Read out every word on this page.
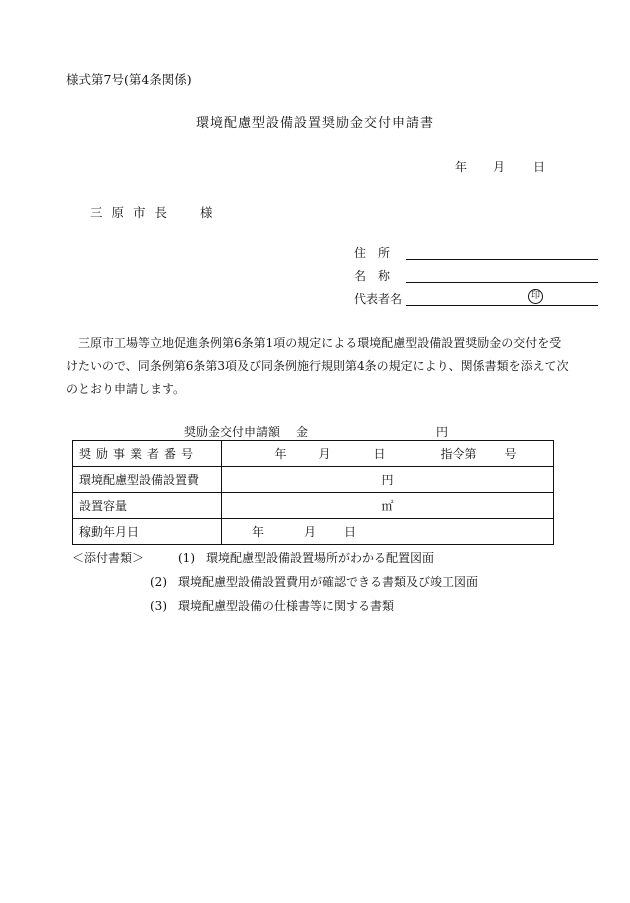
様式第7号(第4条関係)
環境配慮型設備設置奨励金交付申請書
年 月 日
三原市長 様
住　所
名　称
代表者名	印
三原市工場等立地促進条例第6条第1項の規定による環境配慮型設備設置奨励金の交付を受けたいので、同条例第6条第3項及び同条例施行規則第4条の規定により、関係書類を添えて次のとおり申請します。
奨励金交付申請額 金	円
奨励事業者番号	年 月 日 指令第 号
環境配慮型設備設置費	円
設置容量	㎡
稼動年月日	年 月 日
＜添付書類＞	(1) 環境配慮型設備設置場所がわかる配置図面
(2) 環境配慮型設備設置費用が確認できる書類及び竣工図面
(3) 環境配慮型設備の仕様書等に関する書類
